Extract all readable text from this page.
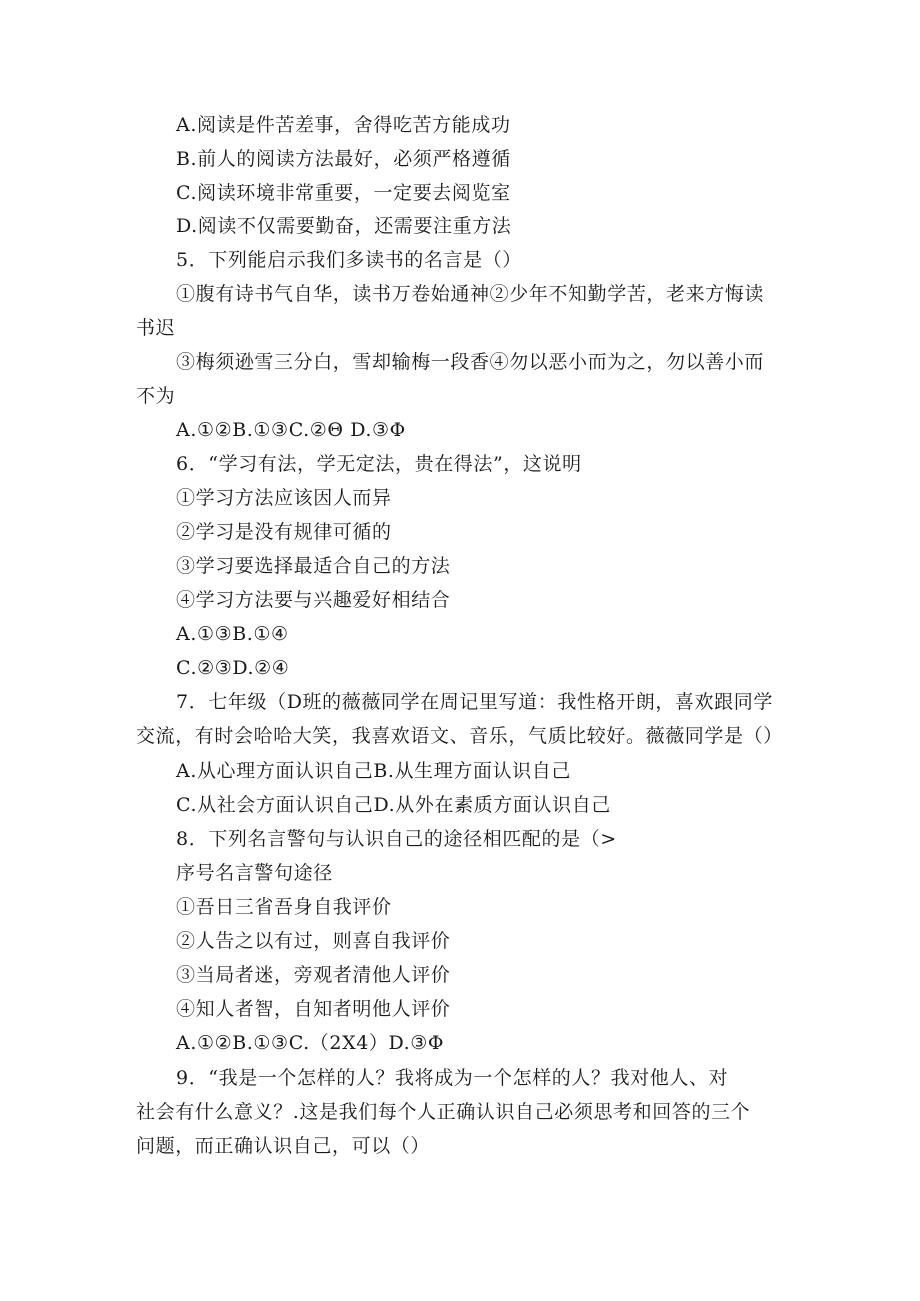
A.阅读是件苦差事，舍得吃苦方能成功
B.前人的阅读方法最好，必须严格遵循
C.阅读环境非常重要，一定要去阅览室
D.阅读不仅需要勤奋，还需要注重方法
5．下列能启示我们多读书的名言是（）
①腹有诗书气自华，读书万卷始通神②少年不知勤学苦，老来方悔读
书迟
③梅须逊雪三分白，雪却输梅一段香④勿以恶小而为之，勿以善小而
不为
A.①②B.①③C.②Θ D.③Φ
6．“学习有法，学无定法，贵在得法”，这说明
①学习方法应该因人而异
②学习是没有规律可循的
③学习要选择最适合自己的方法
④学习方法要与兴趣爱好相结合
A.①③B.①④
C.②③D.②④
7．七年级（D班的薇薇同学在周记里写道：我性格开朗，喜欢跟同学
交流，有时会哈哈大笑，我喜欢语文、音乐，气质比较好。薇薇同学是（）
A.从心理方面认识自己B.从生理方面认识自己
C.从社会方面认识自己D.从外在素质方面认识自己
8．下列名言警句与认识自己的途径相匹配的是（>
序号名言警句途径
①吾日三省吾身自我评价
②人告之以有过，则喜自我评价
③当局者迷，旁观者清他人评价
④知人者智，自知者明他人评价
A.①②B.①③C.（2X4）D.③Φ
9．“我是一个怎样的人？我将成为一个怎样的人？我对他人、对
社会有什么意义？.这是我们每个人正确认识自己必须思考和回答的三个
问题，而正确认识自己，可以（）
